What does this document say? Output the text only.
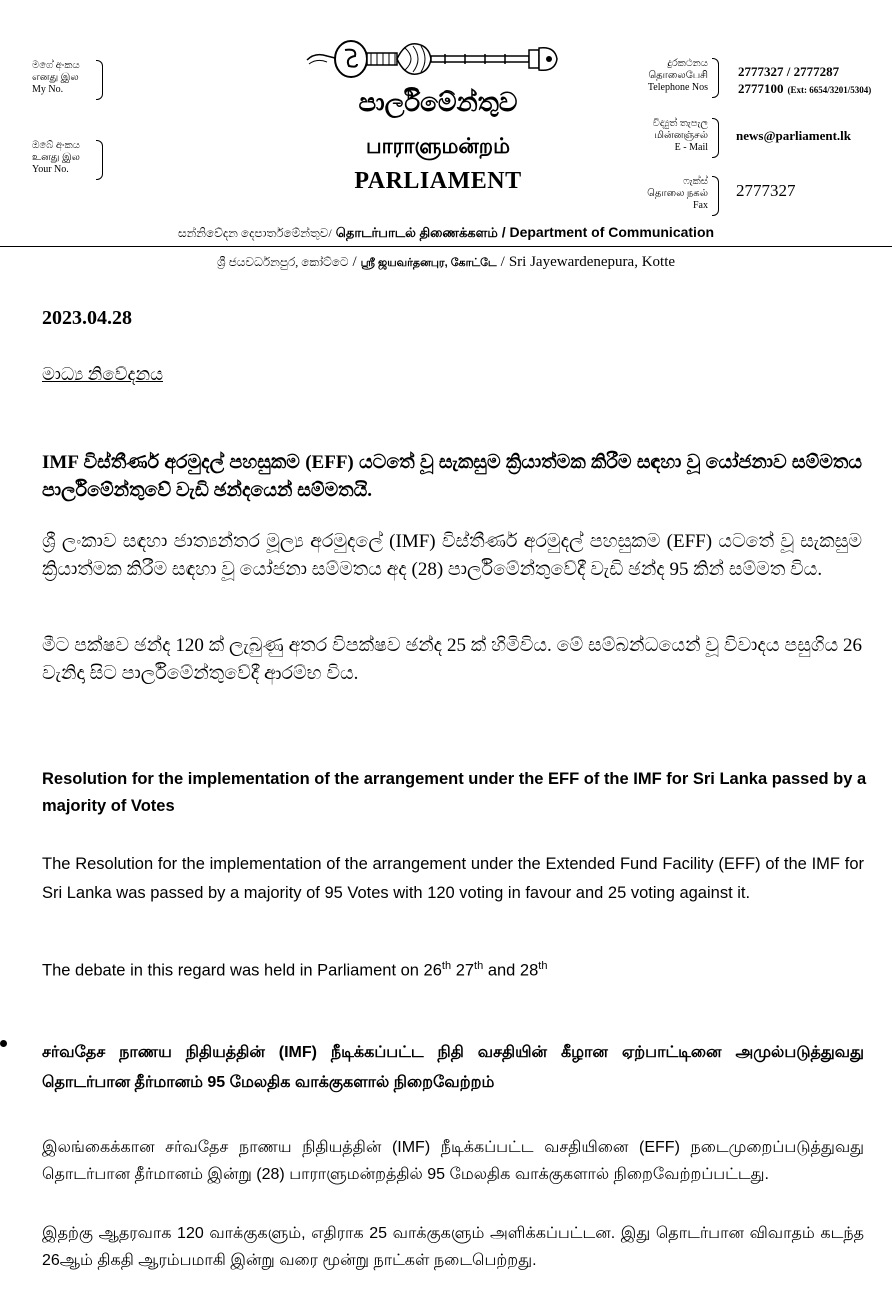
මගේ අංකය
எனது இல
My No.
ඔබේ අංකය
உனது இல
Your No.
පාර්ලිමේන්තුව
பாராளுமன்றம்
PARLIAMENT
දුරකථනය
தொலைபேசி
Telephone Nos
2777327 / 2777287
2777100 (Ext: 6654/3201/5304)
විද්‍යුත් තැපැල
மின்னஞ்சல்
E - Mail
news@parliament.lk
ෆැක්ස්
தொலை நகல்
Fax
2777327
සන්නිවේදන දෙපාර්තමේන්තුව/ தொடர்பாடல் திணைக்களம் / Department of Communication
ශ්‍රී ජයවර්ධනපුර, කෝට්ටෙ / ஸ்ரீ ஜயவர்தனபுர, கோட்டே / Sri Jayewardenepura, Kotte
2023.04.28
මාධ්‍ය නිවේදනය
IMF විස්තීර්ණ අරමුදල් පහසුකම (EFF) යටතේ වූ සැකසුම ක්‍රියාත්මක කිරීම සඳහා වූ යෝජනාව සම්මතය පාර්ලිමේන්තුවේ වැඩි ඡන්දයෙන් සම්මතයි.
ශ්‍රී ලංකාව සඳහා ජාත්‍යන්තර මූල්‍ය අරමුදලේ (IMF) විස්තීර්ණ අරමුදල් පහසුකම (EFF) යටතේ වූ සැකසුම ක්‍රියාත්මක කිරීම සඳහා වූ යෝජනා සම්මතය අද (28) පාර්ලිමේන්තුවේදී වැඩි ඡන්ද 95 කින් සම්මත විය.
මීට පක්ෂව ඡන්ද 120 ක් ලැබුණු අතර විපක්ෂව ඡන්ද 25 ක් හිමිවිය. මේ සම්බන්ධයෙන් වූ විවාදය පසුගිය 26 වැනිදා සිට පාර්ලිමේන්තුවේදී ආරම්භ විය.
Resolution for the implementation of the arrangement under the EFF of the IMF for Sri Lanka passed by a majority of Votes
The Resolution for the implementation of the arrangement under the Extended Fund Facility (EFF) of the IMF for Sri Lanka was passed by a majority of 95 Votes with 120 voting in favour and 25 voting against it.
The debate in this regard was held in Parliament on 26th 27th and 28th
சர்வதேச நாணய நிதியத்தின் (IMF) நீடிக்கப்பட்ட நிதி வசதியின் கீழான ஏற்பாட்டினை அமுல்படுத்துவது தொடர்பான தீர்மானம் 95 மேலதிக வாக்குகளால் நிறைவேற்றம்
இலங்கைக்கான சர்வதேச நாணய நிதியத்தின் (IMF) நீடிக்கப்பட்ட வசதியினை (EFF) நடைமுறைப்படுத்துவது தொடர்பான தீர்மானம் இன்று (28) பாராளுமன்றத்தில் 95 மேலதிக வாக்குகளால் நிறைவேற்றப்பட்டது.
இதற்கு ஆதரவாக 120 வாக்குகளும், எதிராக 25 வாக்குகளும் அளிக்கப்பட்டன. இது தொடர்பான விவாதம் கடந்த 26ஆம் திகதி ஆரம்பமாகி இன்று வரை மூன்று நாட்கள் நடைபெற்றது.
